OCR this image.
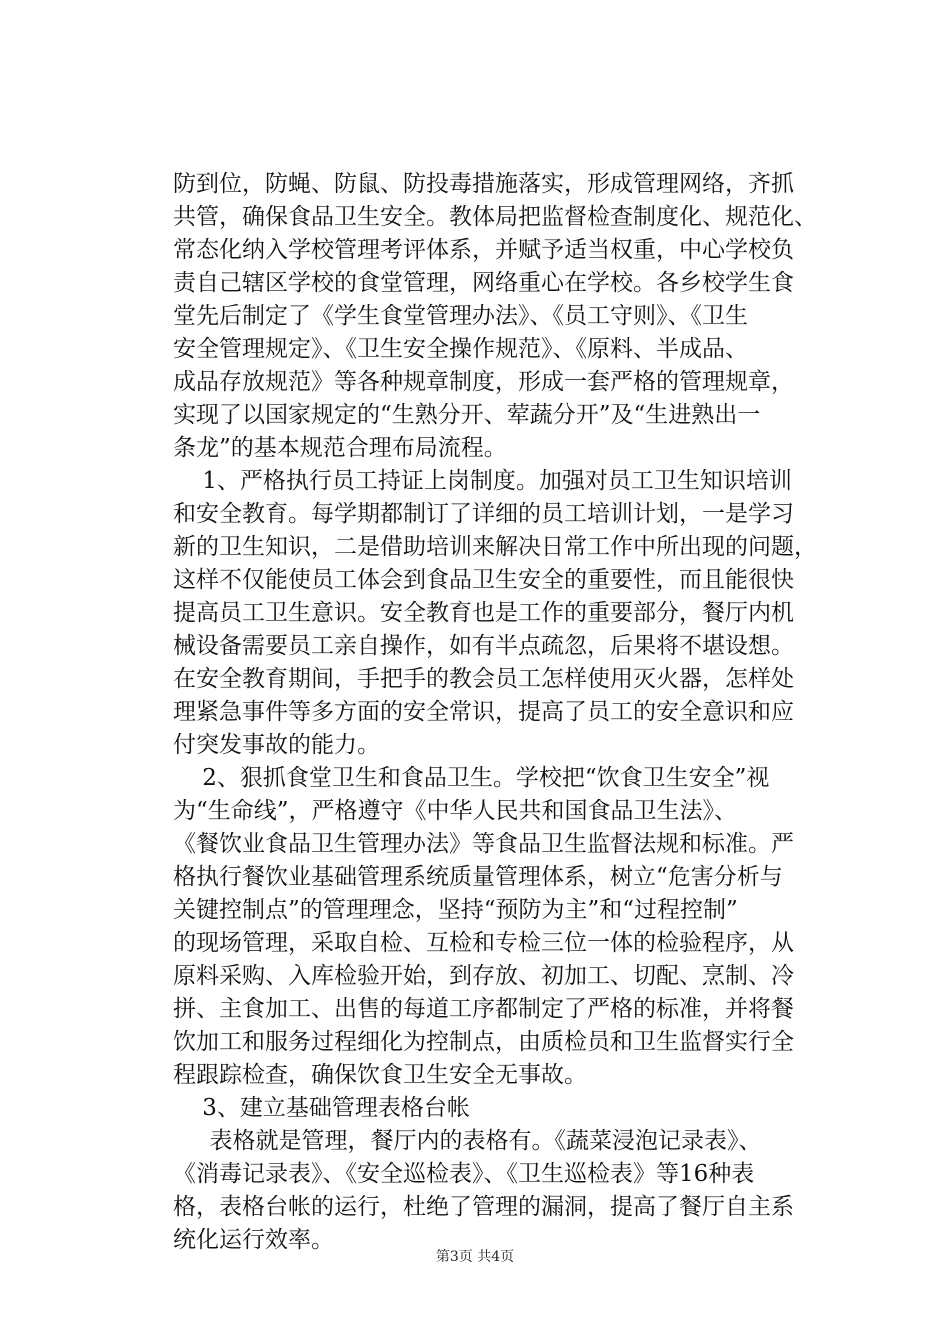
防到位，防蝇、防鼠、防投毒措施落实，形成管理网络，齐抓
共管，确保食品卫生安全。教体局把监督检查制度化、规范化、
常态化纳入学校管理考评体系，并赋予适当权重，中心学校负
责自己辖区学校的食堂管理，网络重心在学校。各乡校学生食
堂先后制定了《学生食堂管理办法》、《员工守则》、《卫生
安全管理规定》、《卫生安全操作规范》、《原料、半成品、
成品存放规范》等各种规章制度，形成一套严格的管理规章，
实现了以国家规定的“生熟分开、荤蔬分开”及“生进熟出一
条龙”的基本规范合理布局流程。
1、严格执行员工持证上岗制度。加强对员工卫生知识培训
和安全教育。每学期都制订了详细的员工培训计划，一是学习
新的卫生知识，二是借助培训来解决日常工作中所出现的问题，
这样不仅能使员工体会到食品卫生安全的重要性，而且能很快
提高员工卫生意识。安全教育也是工作的重要部分，餐厅内机
械设备需要员工亲自操作，如有半点疏忽，后果将不堪设想。
在安全教育期间，手把手的教会员工怎样使用灭火器，怎样处
理紧急事件等多方面的安全常识，提高了员工的安全意识和应
付突发事故的能力。
2、狠抓食堂卫生和食品卫生。学校把“饮食卫生安全”视
为“生命线”，严格遵守《中华人民共和国食品卫生法》、
《餐饮业食品卫生管理办法》等食品卫生监督法规和标准。严
格执行餐饮业基础管理系统质量管理体系，树立“危害分析与
关键控制点”的管理理念，坚持“预防为主”和“过程控制”
的现场管理，采取自检、互检和专检三位一体的检验程序，从
原料采购、入库检验开始，到存放、初加工、切配、烹制、冷
拼、主食加工、出售的每道工序都制定了严格的标准，并将餐
饮加工和服务过程细化为控制点，由质检员和卫生监督实行全
程跟踪检查，确保饮食卫生安全无事故。
3、建立基础管理表格台帐
表格就是管理，餐厅内的表格有。《蔬菜浸泡记录表》、
《消毒记录表》、《安全巡检表》、《卫生巡检表》等16种表
格，表格台帐的运行，杜绝了管理的漏洞，提高了餐厅自主系
统化运行效率。
第3页 共4页
